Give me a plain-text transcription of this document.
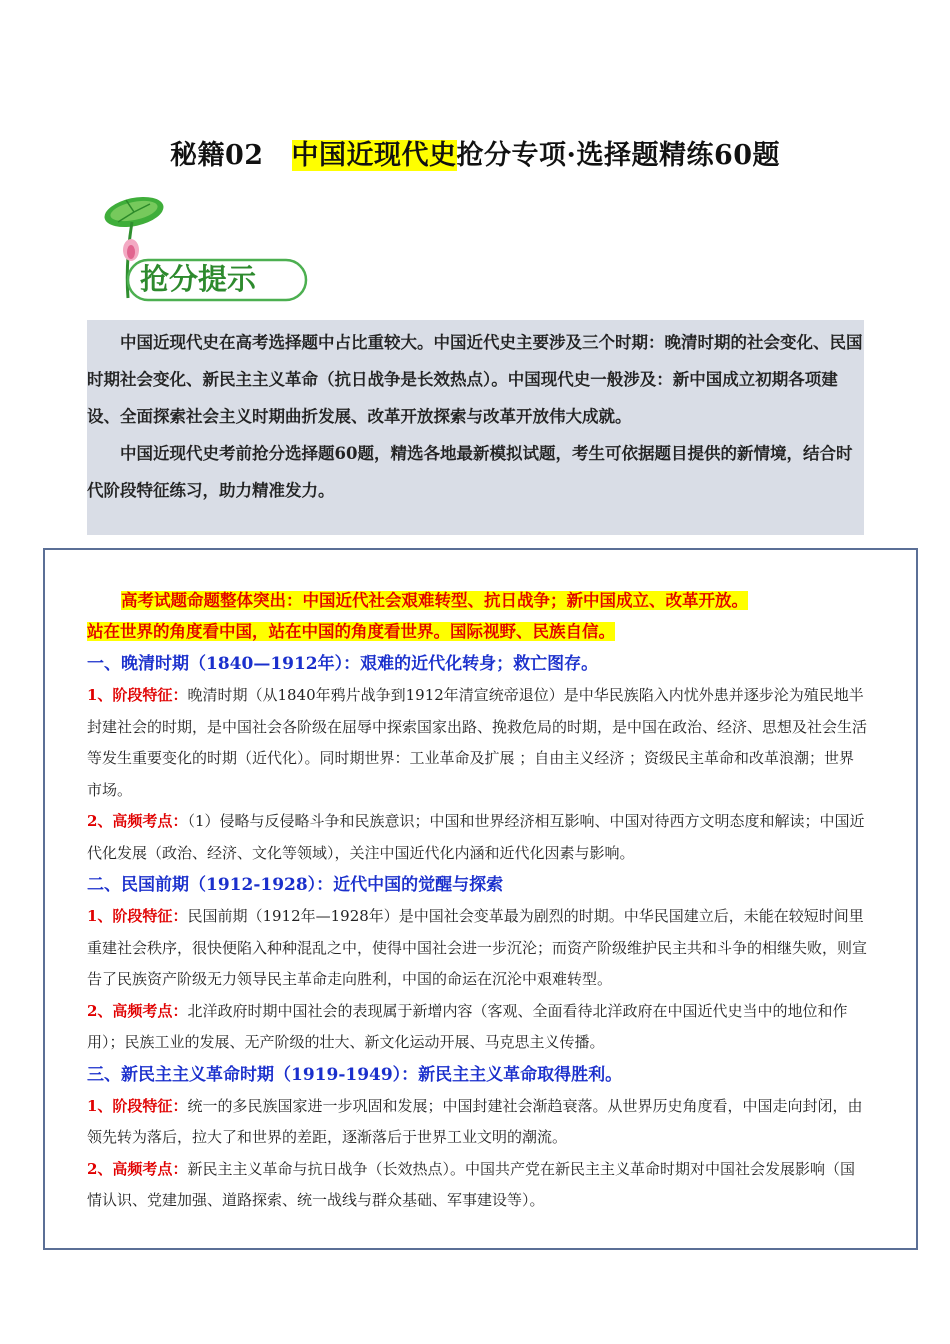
秘籍02 中国近现代史抢分专项·选择题精练60题
抢分提示

中国近现代史在高考选择题中占比重较大。中国近代史主要涉及三个时期：晚清时期的社会变化、民国时期社会变化、新民主主义革命（抗日战争是长效热点）。中国现代史一般涉及：新中国成立初期各项建设、全面探索社会主义时期曲折发展、改革开放探索与改革开放伟大成就。

中国近现代史考前抢分选择题60题，精选各地最新模拟试题，考生可依据题目提供的新情境，结合时代阶段特征练习，助力精准发力。

高考试题命题整体突出：中国近代社会艰难转型、抗日战争；新中国成立、改革开放。

站在世界的角度看中国，站在中国的角度看世界。国际视野、民族自信。

一、晚清时期（1840—1912年）：艰难的近代化转身；救亡图存。

1、阶段特征：晚清时期（从1840年鸦片战争到1912年清宣统帝退位）是中华民族陷入内忧外患并逐步沦为殖民地半封建社会的时期，是中国社会各阶级在屈辱中探索国家出路、挽救危局的时期，是中国在政治、经济、思想及社会生活等发生重要变化的时期（近代化）。同时期世界：工业革命及扩展 ；自由主义经济 ；资级民主革命和改革浪潮；世界市场。

2、高频考点：（1）侵略与反侵略斗争和民族意识；中国和世界经济相互影响、中国对待西方文明态度和解读；中国近代化发展（政治、经济、文化等领域），关注中国近代化内涵和近代化因素与影响。

二、民国前期（1912-1928）：近代中国的觉醒与探索

1、阶段特征：民国前期（1912年—1928年）是中国社会变革最为剧烈的时期。中华民国建立后，未能在较短时间里重建社会秩序，很快便陷入种种混乱之中，使得中国社会进一步沉沦；而资产阶级维护民主共和斗争的相继失败，则宣告了民族资产阶级无力领导民主革命走向胜利，中国的命运在沉沦中艰难转型。

2、高频考点：北洋政府时期中国社会的表现属于新增内容（客观、全面看待北洋政府在中国近代史当中的地位和作用）；民族工业的发展、无产阶级的壮大、新文化运动开展、马克思主义传播。

三、新民主主义革命时期（1919-1949）：新民主主义革命取得胜利。

1、阶段特征：统一的多民族国家进一步巩固和发展；中国封建社会渐趋衰落。从世界历史角度看，中国走向封闭，由领先转为落后，拉大了和世界的差距，逐渐落后于世界工业文明的潮流。

2、高频考点：新民主主义革命与抗日战争（长效热点）。中国共产党在新民主主义革命时期对中国社会发展影响（国情认识、党建加强、道路探索、统一战线与群众基础、军事建设等）。
